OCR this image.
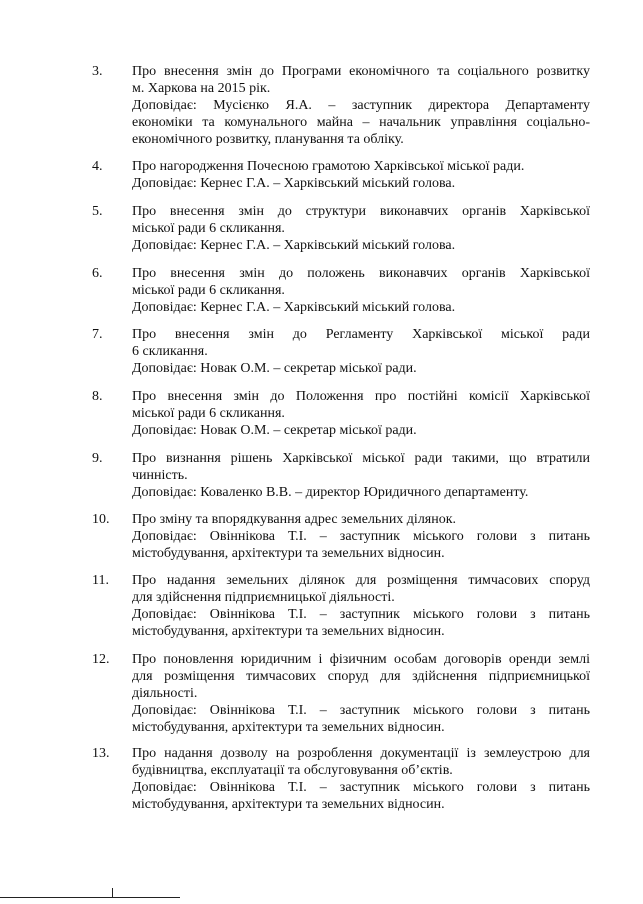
3. Про внесення змін до Програми економічного та соціального розвитку
м. Харкова на 2015 рік.
Доповідає: Мусієнко Я.А. – заступник директора Департаменту
економіки та комунального майна – начальник управління соціально-
економічного розвитку, планування та обліку.
4. Про нагородження Почесною грамотою Харківської міської ради.
Доповідає: Кернес Г.А. – Харківський міський голова.
5. Про внесення змін до структури виконавчих органів Харківської
міської ради 6 скликання.
Доповідає: Кернес Г.А. – Харківський міський голова.
6. Про внесення змін до положень виконавчих органів Харківської
міської ради 6 скликання.
Доповідає: Кернес Г.А. – Харківський міський голова.
7. Про внесення змін до Регламенту Харківської міської ради
6 скликання.
Доповідає: Новак О.М. – секретар міської ради.
8. Про внесення змін до Положення про постійні комісії Харківської
міської ради 6 скликання.
Доповідає: Новак О.М. – секретар міської ради.
9. Про визнання рішень Харківської міської ради такими, що втратили
чинність.
Доповідає: Коваленко В.В. – директор Юридичного департаменту.
10. Про зміну та впорядкування адрес земельних ділянок.
Доповідає: Овіннікова Т.І. – заступник міського голови з питань
містобудування, архітектури та земельних відносин.
11. Про надання земельних ділянок для розміщення тимчасових споруд
для здійснення підприємницької діяльності.
Доповідає: Овіннікова Т.І. – заступник міського голови з питань
містобудування, архітектури та земельних відносин.
12. Про поновлення юридичним і фізичним особам договорів оренди землі
для розміщення тимчасових споруд для здійснення підприємницької
діяльності.
Доповідає: Овіннікова Т.І. – заступник міського голови з питань
містобудування, архітектури та земельних відносин.
13. Про надання дозволу на розроблення документації із землеустрою для
будівництва, експлуатації та обслуговування об’єктів.
Доповідає: Овіннікова Т.І. – заступник міського голови з питань
містобудування, архітектури та земельних відносин.
